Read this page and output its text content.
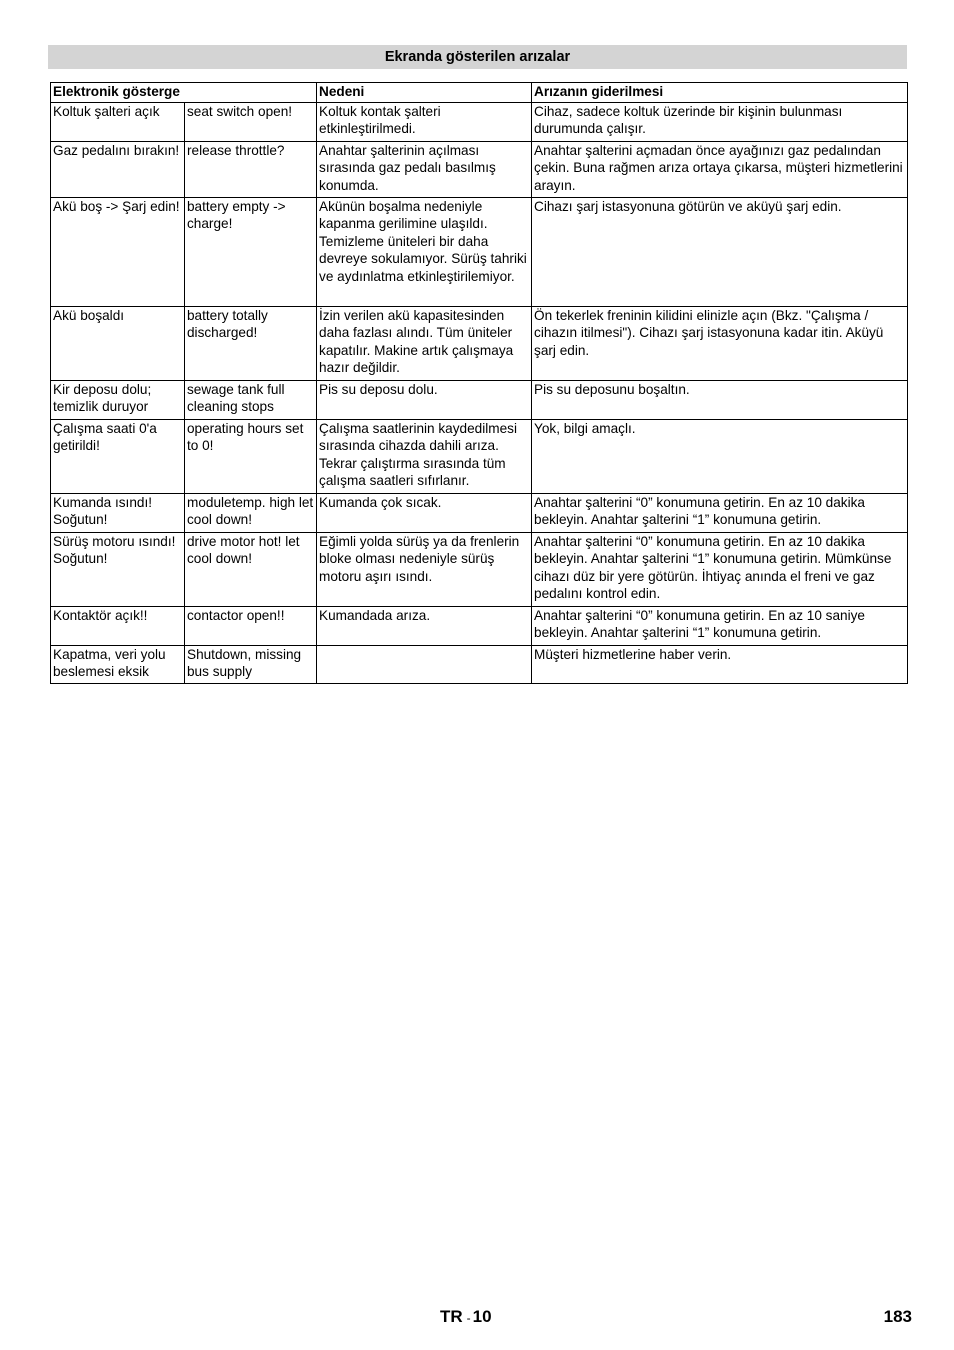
Ekranda gösterilen arızalar
Elektronik gösterge		Nedeni	Arızanın giderilmesi
Koltuk şalteri açık	seat switch open!	Koltuk kontak şalteri etkinleştirilmedi.	Cihaz, sadece koltuk üzerinde bir kişinin bulunması durumunda çalışır.
Gaz pedalını bırakın!	release throttle?	Anahtar şalterinin açılması sırasında gaz pedalı basılmış konumda.	Anahtar şalterini açmadan önce ayağınızı gaz pedalından çekin. Buna rağmen arıza ortaya çıkarsa, müşteri hizmetlerini arayın.
Akü boş -> Şarj edin!	battery empty -> charge!	Akünün boşalma nedeniyle kapanma gerilimine ulaşıldı. Temizleme üniteleri bir daha devreye sokulamıyor. Sürüş tahriki ve aydınlatma etkinleştirilemiyor.	Cihazı şarj istasyonuna götürün ve aküyü şarj edin.
Akü boşaldı	battery totally discharged!	İzin verilen akü kapasitesinden daha fazlası alındı. Tüm üniteler kapatılır. Makine artık çalışmaya hazır değildir.	Ön tekerlek freninin kilidini elinizle açın (Bkz. "Çalışma / cihazın itilmesi"). Cihazı şarj istasyonuna kadar itin. Aküyü şarj edin.
Kir deposu dolu; temizlik duruyor	sewage tank full cleaning stops	Pis su deposu dolu.	Pis su deposunu boşaltın.
Çalışma saati 0'a getirildi!	operating hours set to 0!	Çalışma saatlerinin kaydedilmesi sırasında cihazda dahili arıza. Tekrar çalıştırma sırasında tüm çalışma saatleri sıfırlanır.	Yok, bilgi amaçlı.
Kumanda ısındı! Soğutun!	moduletemp. high let cool down!	Kumanda çok sıcak.	Anahtar şalterini “0” konumuna getirin. En az 10 dakika bekleyin. Anahtar şalterini “1” konumuna getirin.
Sürüş motoru ısındı! Soğutun!	drive motor hot! let cool down!	Eğimli yolda sürüş ya da frenlerin bloke olması nedeniyle sürüş motoru aşırı ısındı.	Anahtar şalterini “0” konumuna getirin. En az 10 dakika bekleyin. Anahtar şalterini “1” konumuna getirin. Mümkünse cihazı düz bir yere götürün. İhtiyaç anında el freni ve gaz pedalını kontrol edin.
Kontaktör açık!!	contactor open!!	Kumandada arıza.	Anahtar şalterini “0” konumuna getirin. En az 10 saniye bekleyin. Anahtar şalterini “1” konumuna getirin.
Kapatma, veri yolu beslemesi eksik	Shutdown, missing bus supply		Müşteri hizmetlerine haber verin.
TR - 10	183
